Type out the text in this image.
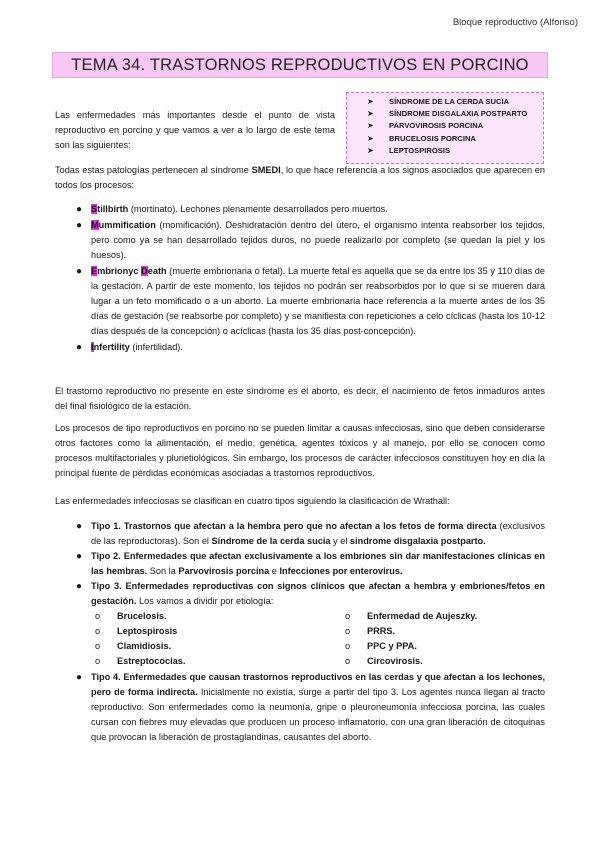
Bloque reproductivo (Alfonso)
TEMA 34. TRASTORNOS REPRODUCTIVOS EN PORCINO

Las enfermedades más importantes desde el punto de vista reproductivo en porcino y que vamos a ver a lo largo de este tema son las siguientes:

➤	SÍNDROME DE LA CERDA SUCIA
➤	SÍNDROME DISGALAXIA POSTPARTO
➤	PARVOVIROSIS PORCINA
➤	BRUCELOSIS PORCINA
➤	LEPTOSPIROSIS

Todas estas patologías pertenecen al síndrome SMEDI, lo que hace referencia a los signos asociados que aparecen en todos los procesos:

● Stillbirth (mortinato). Lechones plenamente desarrollados pero muertos.
● Mummification (momificación). Deshidratación dentro del útero, el organismo intenta reabsorber los tejidos, pero como ya se han desarrollado tejidos duros, no puede realizarlo por completo (se quedan la piel y los huesos).
● Embrionyc Death (muerte embrionaria o fetal). La muerte fetal es aquella que se da entre los 35 y 110 días de la gestación. A partir de este momento, los tejidos no podrán ser reabsorbidos por lo que si se mueren dará lugar a un feto momificado o a un aborto. La muerte embrionaria hace referencia a la muerte antes de los 35 días de gestación (se reabsorbe por completo) y se manifiesta con repeticiones a celo cíclicas (hasta los 10-12 días después de la concepción) o acíclicas (hasta los 35 días post-concepción).
● Infertility (infertilidad).

El trastorno reproductivo no presente en este síndrome es el aborto, es decir, el nacimiento de fetos inmaduros antes del final fisiológico de la estación.

Los procesos de tipo reproductivos en porcino no se pueden limitar a causas infecciosas, sino que deben considerarse otros factores como la alimentación, el medio, genética, agentes tóxicos y al manejo, por ello se conocen como procesos multifactoriales y plurietiológicos. Sin embargo, los procesos de carácter infecciosos constituyen hoy en día la principal fuente de pérdidas económicas asociadas a trastornos reproductivos.

Las enfermedades infecciosas se clasifican en cuatro tipos siguiendo la clasificación de Wrathall:

● Tipo 1. Trastornos que afectan a la hembra pero que no afectan a los fetos de forma directa (exclusivos de las reproductoras). Son el Síndrome de la cerda sucia y el síndrome disgalaxia postparto.
● Tipo 2. Enfermedades que afectan exclusivamente a los embriones sin dar manifestaciones clínicas en las hembras. Son la Parvovirosis porcina e Infecciones por enterovirus.
● Tipo 3. Enfermedades reproductivas con signos clínicos que afectan a hembra y embriones/fetos en gestación. Los vamos a dividir por etiología:
o Brucelosis.	o Enfermedad de Aujeszky.
o Leptospirosis	o PRRS.
o Clamidiosis.	o PPC y PPA.
o Estreptococias.	o Circovirosis.
● Tipo 4. Enfermedades que causan trastornos reproductivos en las cerdas y que afectan a los lechones, pero de forma indirecta. Inicialmente no existía, surge a partir del tipo 3. Los agentes nunca llegan al tracto reproductivo. Son enfermedades como la neumonía, gripe o pleuroneumonía infecciosa porcina, las cuales cursan con fiebres muy elevadas que producen un proceso inflamatorio, con una gran liberación de citoquinas que provocan la liberación de prostaglandinas, causantes del aborto.
